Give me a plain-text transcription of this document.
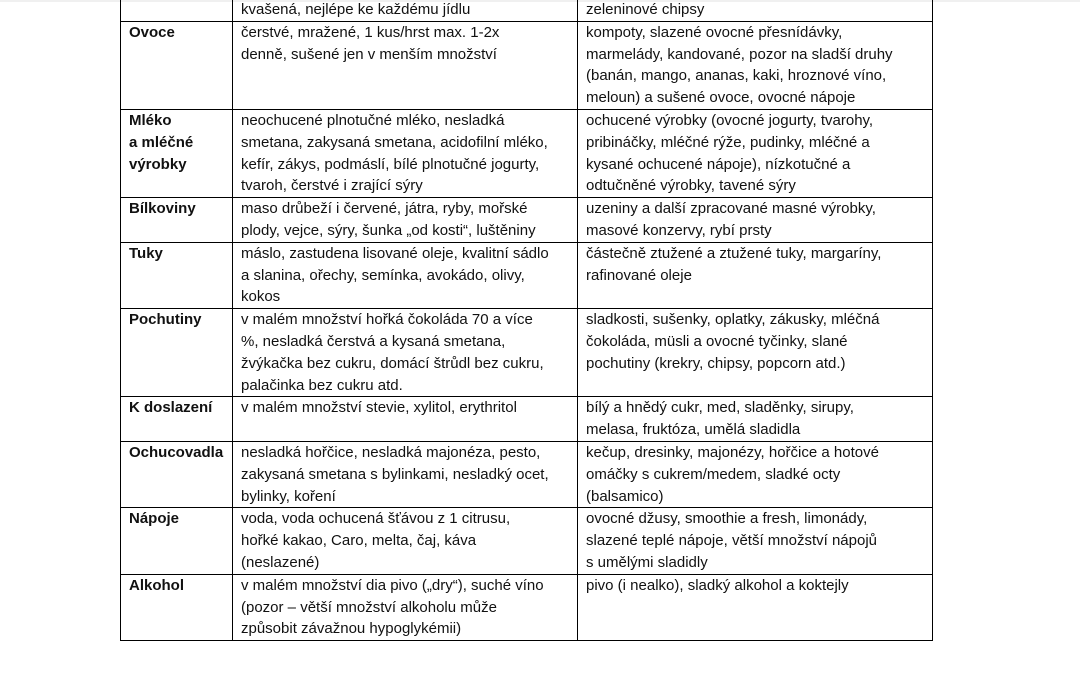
	kvašená, nejlépe ke každému jídlu	zeleninové chipsy

Ovoce	čerstvé, mražené, 1 kus/hrst max. 1-2x
denně, sušené jen v menším množství	kompoty, slazené ovocné přesnídávky,
marmelády, kandované, pozor na sladší druhy
(banán, mango, ananas, kaki, hroznové víno,
meloun) a sušené ovoce, ovocné nápoje

Mléko
a mléčné
výrobky	neochucené plnotučné mléko, nesladká
smetana, zakysaná smetana, acidofilní mléko,
kefír, zákys, podmáslí, bílé plnotučné jogurty,
tvaroh, čerstvé i zrající sýry	ochucené výrobky (ovocné jogurty, tvarohy,
pribináčky, mléčné rýže, pudinky, mléčné a
kysané ochucené nápoje), nízkotučné a
odtučněné výrobky, tavené sýry

Bílkoviny	maso drůbeží i červené, játra, ryby, mořské
plody, vejce, sýry, šunka „od kosti“, luštěniny	uzeniny a další zpracované masné výrobky,
masové konzervy, rybí prsty

Tuky	máslo, zastudena lisované oleje, kvalitní sádlo
a slanina, ořechy, semínka, avokádo, olivy,
kokos	částečně ztužené a ztužené tuky, margaríny,
rafinované oleje

Pochutiny	v malém množství hořká čokoláda 70 a více
%, nesladká čerstvá a kysaná smetana,
žvýkačka bez cukru, domácí štrůdl bez cukru,
palačinka bez cukru atd.	sladkosti, sušenky, oplatky, zákusky, mléčná
čokoláda, müsli a ovocné tyčinky, slané
pochutiny (krekry, chipsy, popcorn atd.)

K doslazení	v malém množství stevie, xylitol, erythritol	bílý a hnědý cukr, med, sladěnky, sirupy,
melasa, fruktóza, umělá sladidla

Ochucovadla	nesladká hořčice, nesladká majonéza, pesto,
zakysaná smetana s bylinkami, nesladký ocet,
bylinky, koření	kečup, dresinky, majonézy, hořčice a hotové
omáčky s cukrem/medem, sladké octy
(balsamico)

Nápoje	voda, voda ochucená šťávou z 1 citrusu,
hořké kakao, Caro, melta, čaj, káva
(neslazené)	ovocné džusy, smoothie a fresh, limonády,
slazené teplé nápoje, větší množství nápojů
s umělými sladidly

Alkohol	v malém množství dia pivo („dry“), suché víno
(pozor – větší množství alkoholu může
způsobit závažnou hypoglykémii)	pivo (i nealko), sladký alkohol a koktejly
